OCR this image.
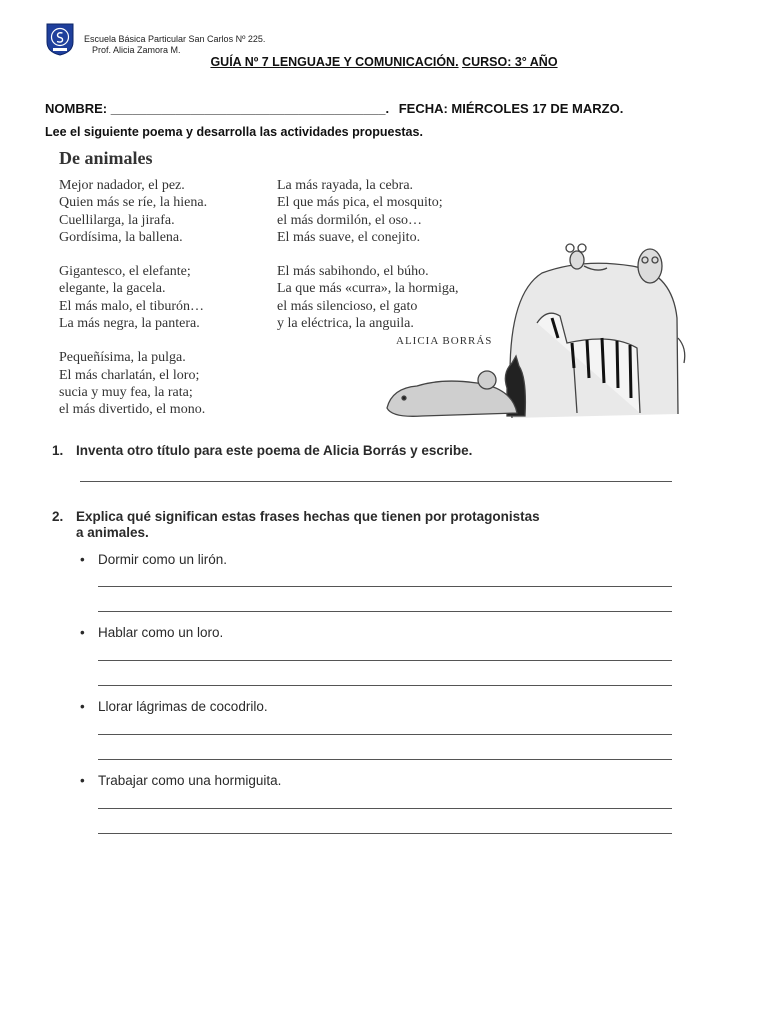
Escuela Básica Particular San Carlos Nº 225.
Prof. Alicia Zamora M.
GUÍA Nº 7 LENGUAJE Y COMUNICACIÓN. CURSO: 3° AÑO
NOMBRE: ______________________________________. FECHA: MIÉRCOLES 17 DE MARZO.
Lee el siguiente poema y desarrolla las actividades propuestas.
De animales
Mejor nadador, el pez.
Quien más se ríe, la hiena.
Cuellilarga, la jirafa.
Gordísima, la ballena.
Gigantesco, el elefante;
elegante, la gacela.
El más malo, el tiburón…
La más negra, la pantera.
Pequeñísima, la pulga.
El más charlatán, el loro;
sucia y muy fea, la rata;
el más divertido, el mono.
La más rayada, la cebra.
El que más pica, el mosquito;
el más dormilón, el oso…
El más suave, el conejito.
El más sabihondo, el búho.
La que más «curra», la hormiga,
el más silencioso, el gato
y la eléctrica, la anguila.
ALICIA BORRÁS
1. Inventa otro título para este poema de Alicia Borrás y escribe.
2. Explica qué significan estas frases hechas que tienen por protagonistas
a animales.
• Dormir como un lirón.
• Hablar como un loro.
• Llorar lágrimas de cocodrilo.
• Trabajar como una hormiguita.
